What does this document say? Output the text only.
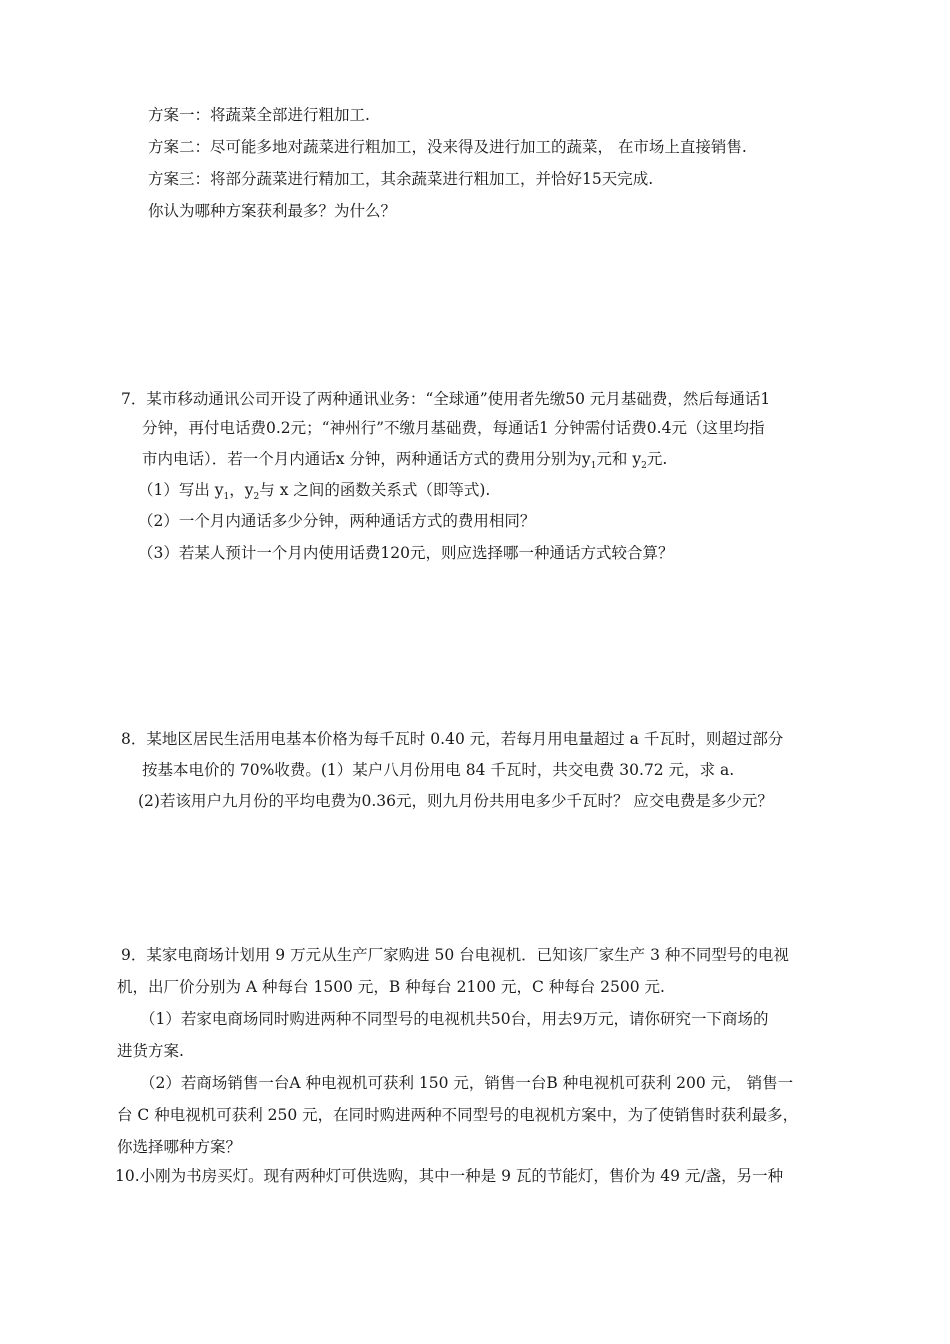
方案一：将蔬菜全部进行粗加工.
方案二：尽可能多地对蔬菜进行粗加工，没来得及进行加工的蔬菜， 在市场上直接销售.
方案三：将部分蔬菜进行精加工，其余蔬菜进行粗加工，并恰好15天完成.
你认为哪种方案获利最多？为什么？
7．某市移动通讯公司开设了两种通讯业务：“全球通”使用者先缴50 元月基础费，然后每通话1
分钟，再付电话费0.2元；“神州行”不缴月基础费，每通话1 分钟需付话费0.4元（这里均指
市内电话）．若一个月内通话x 分钟，两种通话方式的费用分别为$y_1$元和 $y_2$元.
（1）写出 $y_1$，$y_2$与 x 之间的函数关系式（即等式).
（2）一个月内通话多少分钟，两种通话方式的费用相同？
（3）若某人预计一个月内使用话费120元，则应选择哪一种通话方式较合算？
8．某地区居民生活用电基本价格为每千瓦时 0.40 元，若每月用电量超过 a 千瓦时，则超过部分
按基本电价的 70%收费。(1）某户八月份用电 84 千瓦时，共交电费 30.72 元，求 a.
(2)若该用户九月份的平均电费为0.36元，则九月份共用电多少千瓦时？ 应交电费是多少元？
9．某家电商场计划用 9 万元从生产厂家购进 50 台电视机．已知该厂家生产 3 种不同型号的电视
机，出厂价分别为 A 种每台 1500 元，B 种每台 2100 元，C 种每台 2500 元.
（1）若家电商场同时购进两种不同型号的电视机共50台，用去9万元，请你研究一下商场的
进货方案.
（2）若商场销售一台A 种电视机可获利 150 元，销售一台B 种电视机可获利 200 元， 销售一
台 C 种电视机可获利 250 元，在同时购进两种不同型号的电视机方案中，为了使销售时获利最多，
你选择哪种方案？
10.小刚为书房买灯。现有两种灯可供选购，其中一种是 9 瓦的节能灯，售价为 49 元/盏，另一种
